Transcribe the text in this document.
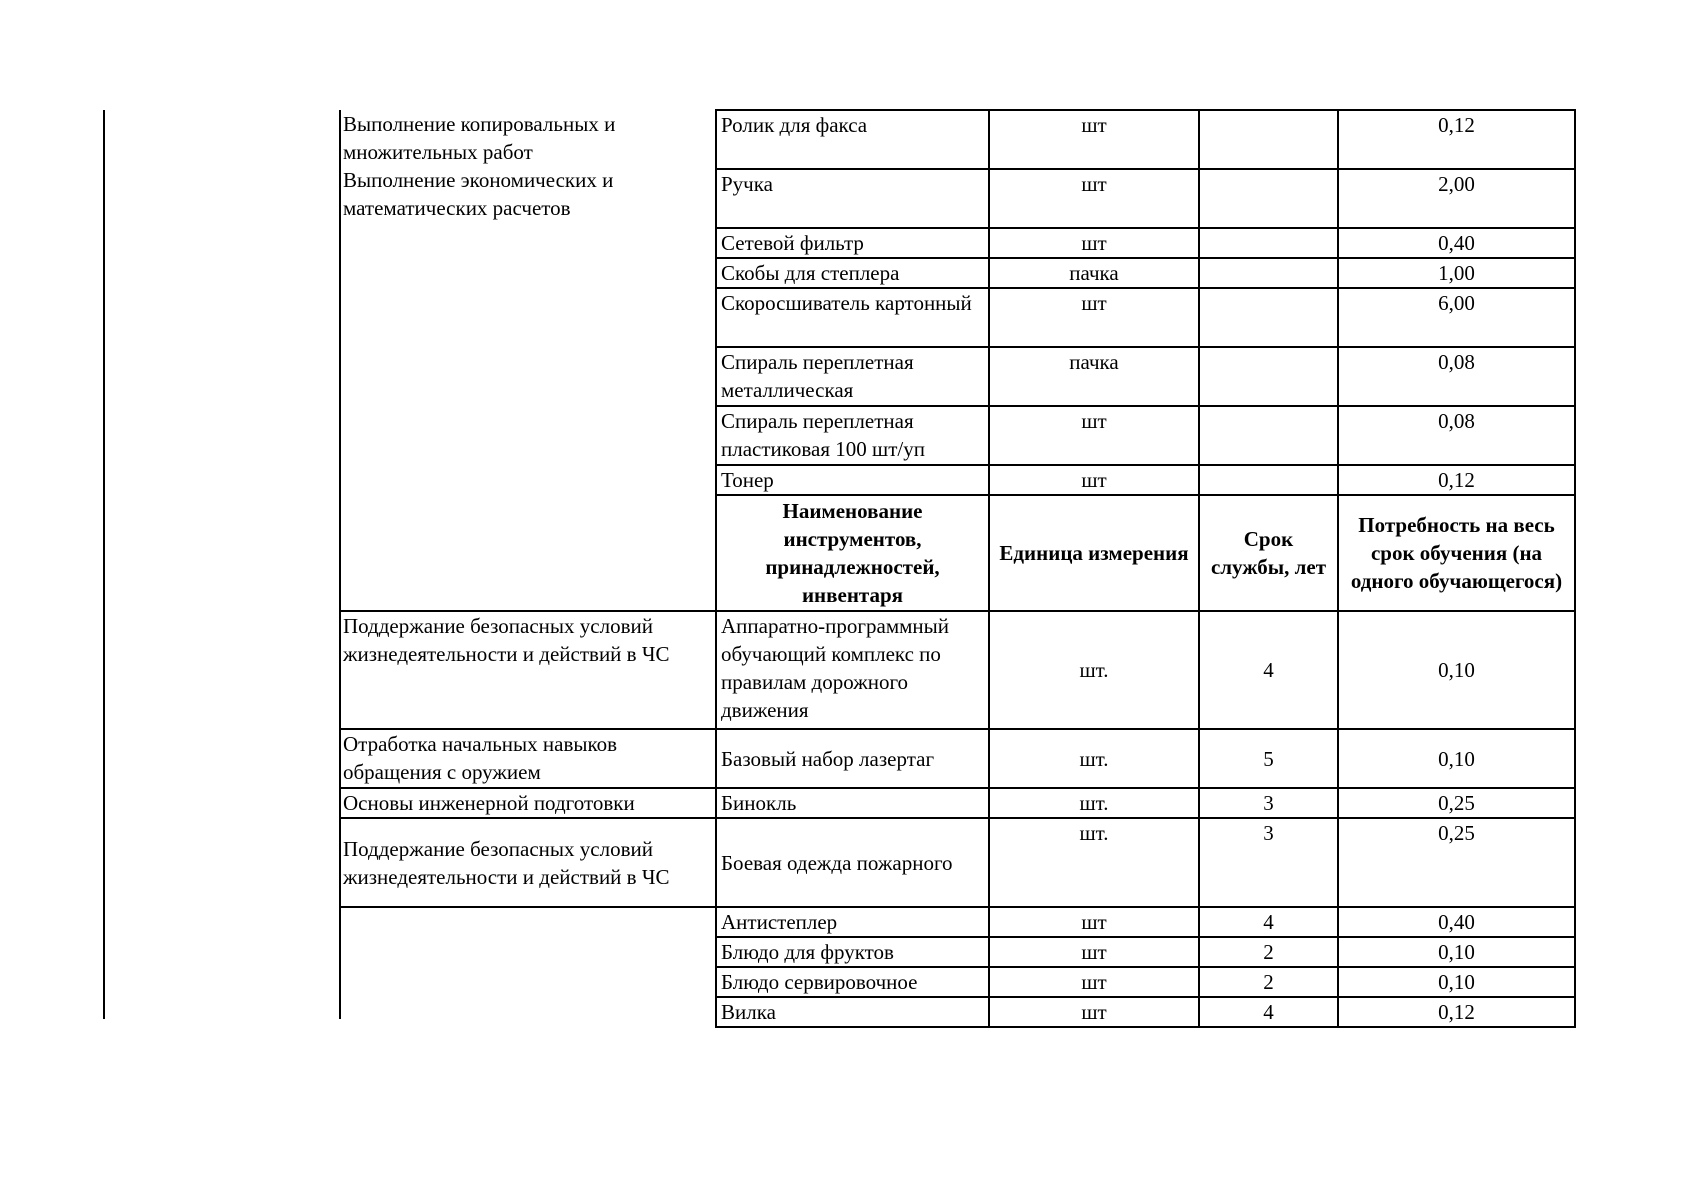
Выполнение копировальных и множительных работ
Выполнение экономических и математических расчетов	Ролик для факса	шт		0,12
	Ручка	шт		2,00
	Сетевой фильтр	шт		0,40
	Скобы для степлера	пачка		1,00
	Скоросшиватель картонный	шт		6,00
	Спираль переплетная металлическая	пачка		0,08
	Спираль переплетная пластиковая 100 шт/уп	шт		0,08
	Тонер	шт		0,12
	Наименование инструментов, принадлежностей, инвентаря	Единица измерения	Срок службы, лет	Потребность на весь срок обучения (на одного обучающегося)
Поддержание безопасных условий жизнедеятельности и действий в ЧС	Аппаратно-программный обучающий комплекс по правилам дорожного движения	шт.	4	0,10
Отработка начальных навыков обращения с оружием	Базовый набор лазертаг	шт.	5	0,10
Основы инженерной подготовки	Бинокль	шт.	3	0,25
Поддержание безопасных условий жизнедеятельности и действий в ЧС	Боевая одежда пожарного	шт.	3	0,25
	Антистеплер	шт	4	0,40
	Блюдо для фруктов	шт	2	0,10
	Блюдо сервировочное	шт	2	0,10
	Вилка	шт	4	0,12
